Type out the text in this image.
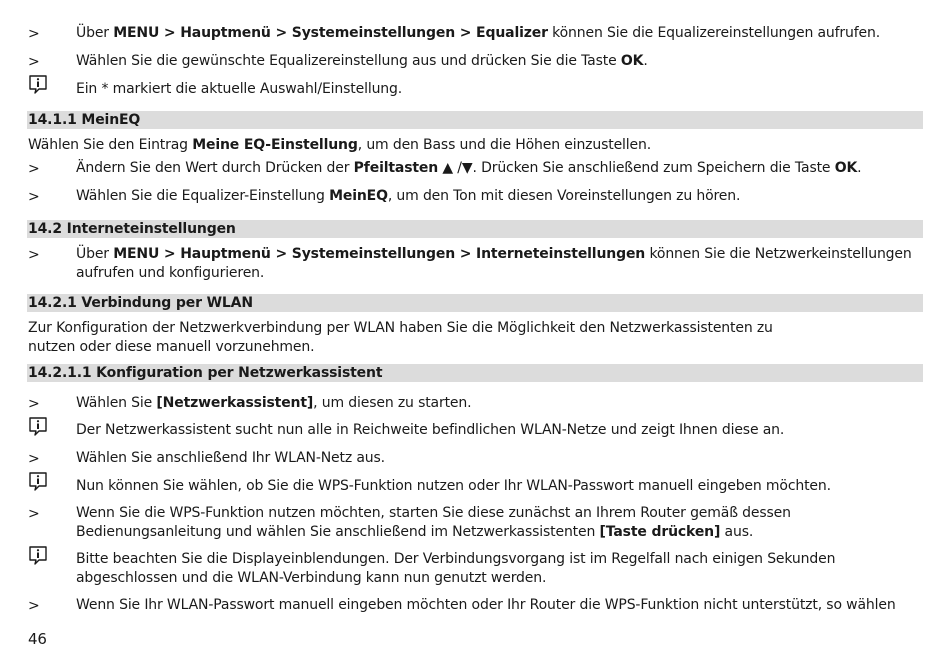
>	Über MENU > Hauptmenü > Systemeinstellungen > Equalizer können Sie die Equalizereinstellungen aufrufen.
>	Wählen Sie die gewünschte Equalizereinstellung aus und drücken Sie die Taste OK.
Ein * markiert die aktuelle Auswahl/Einstellung.
14.1.1 MeinEQ
Wählen Sie den Eintrag Meine EQ-Einstellung, um den Bass und die Höhen einzustellen.
>	Ändern Sie den Wert durch Drücken der Pfeiltasten ▲ /▼. Drücken Sie anschließend zum Speichern die Taste OK.
>	Wählen Sie die Equalizer-Einstellung MeinEQ, um den Ton mit diesen Voreinstellungen zu hören.
14.2 Interneteinstellungen
>	Über MENU > Hauptmenü > Systemeinstellungen > Interneteinstellungen können Sie die Netzwerkeinstellungen
aufrufen und konfigurieren.
14.2.1 Verbindung per WLAN
Zur Konfiguration der Netzwerkverbindung per WLAN haben Sie die Möglichkeit den Netzwerkassistenten zu
nutzen oder diese manuell vorzunehmen.
14.2.1.1 Konfiguration per Netzwerkassistent
>	Wählen Sie [Netzwerkassistent], um diesen zu starten.
Der Netzwerkassistent sucht nun alle in Reichweite befindlichen WLAN-Netze und zeigt Ihnen diese an.
>	Wählen Sie anschließend Ihr WLAN-Netz aus.
Nun können Sie wählen, ob Sie die WPS-Funktion nutzen oder Ihr WLAN-Passwort manuell eingeben möchten.
>	Wenn Sie die WPS-Funktion nutzen möchten, starten Sie diese zunächst an Ihrem Router gemäß dessen
Bedienungsanleitung und wählen Sie anschließend im Netzwerkassistenten [Taste drücken] aus.
Bitte beachten Sie die Displayeinblendungen. Der Verbindungsvorgang ist im Regelfall nach einigen Sekunden
abgeschlossen und die WLAN-Verbindung kann nun genutzt werden.
>	Wenn Sie Ihr WLAN-Passwort manuell eingeben möchten oder Ihr Router die WPS-Funktion nicht unterstützt, so wählen
46
